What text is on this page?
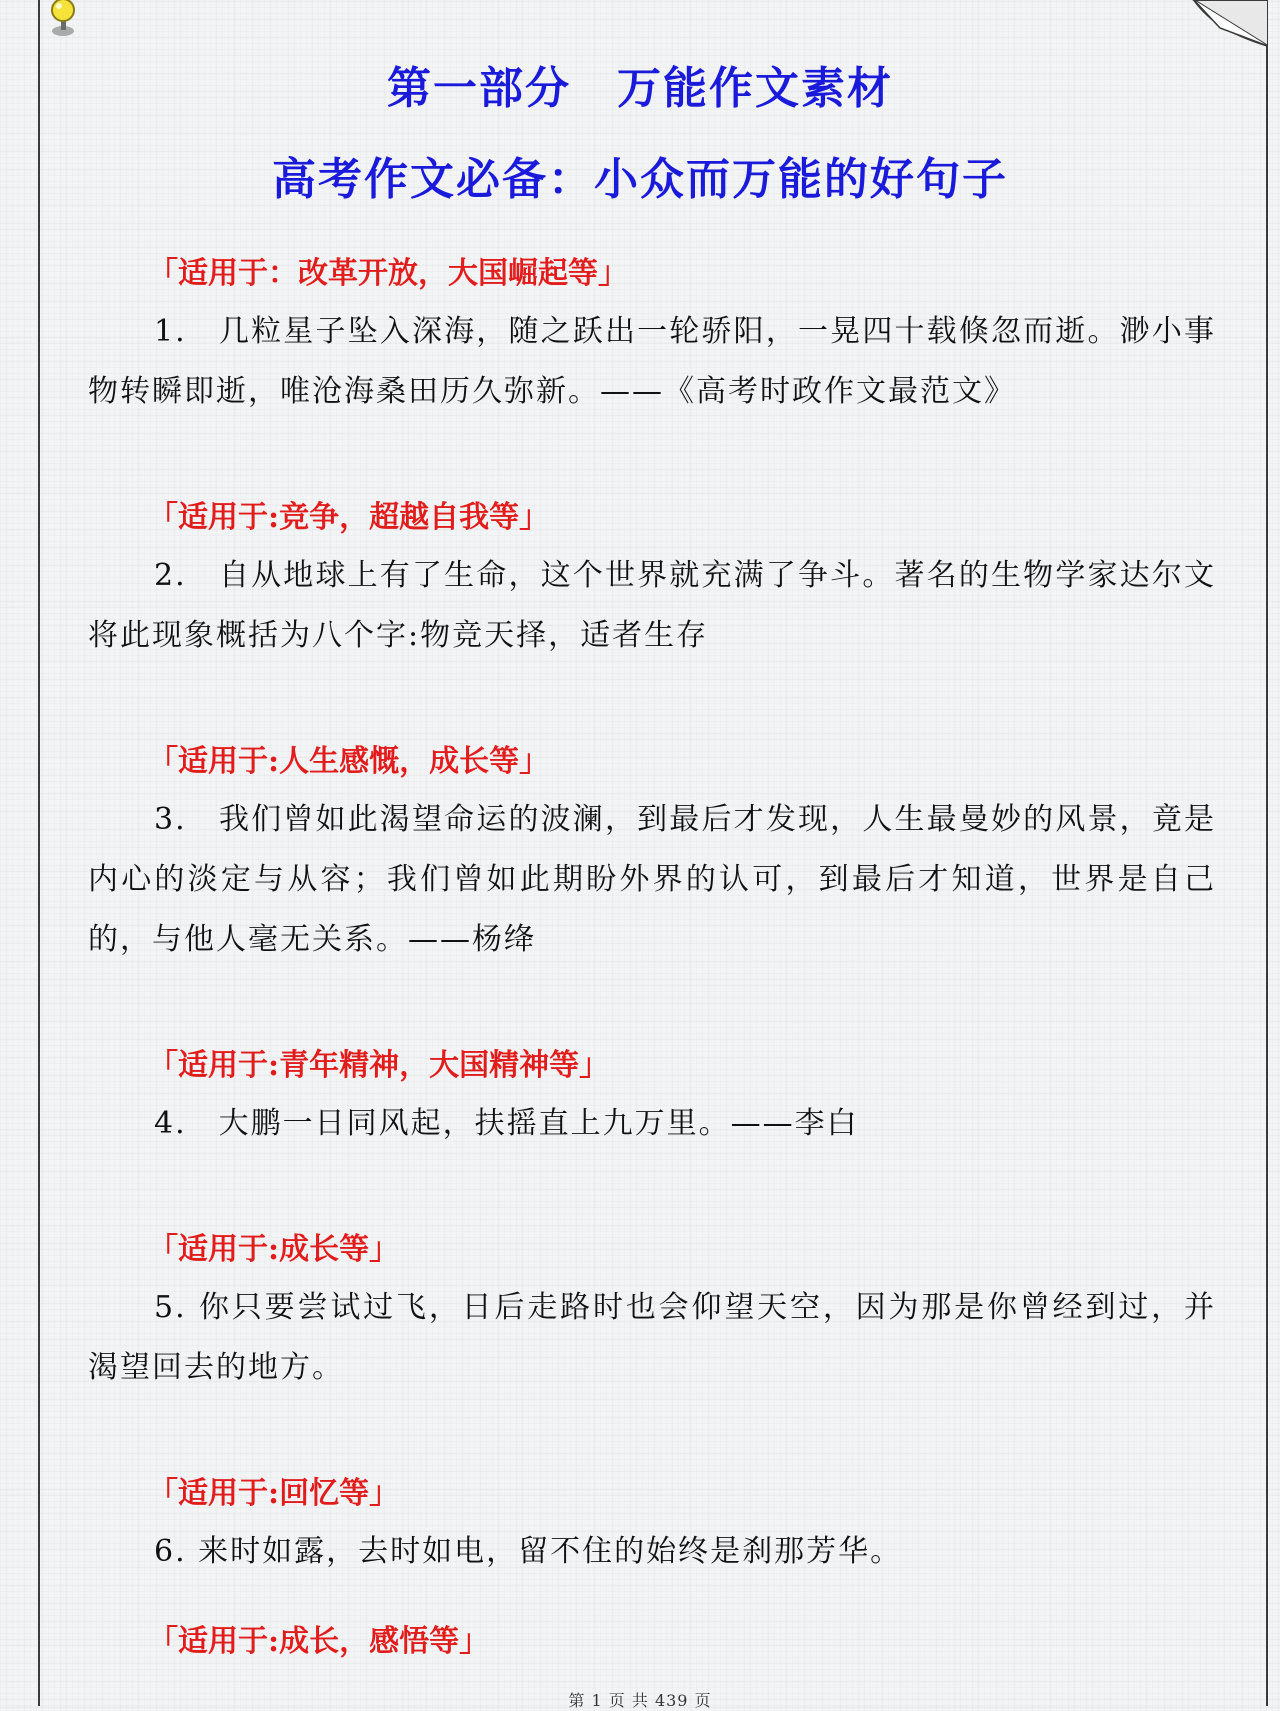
第一部分　万能作文素材
高考作文必备：小众而万能的好句子

「适用于：改革开放，大国崛起等」

1.　几粒星子坠入深海，随之跃出一轮骄阳，一晃四十载倏忽而逝。渺小事物转瞬即逝，唯沧海桑田历久弥新。——《高考时政作文最范文》

「适用于:竞争，超越自我等」

2.　自从地球上有了生命，这个世界就充满了争斗。著名的生物学家达尔文将此现象概括为八个字:物竞天择，适者生存

「适用于:人生感慨，成长等」

3.　我们曾如此渴望命运的波澜，到最后才发现，人生最曼妙的风景，竟是内心的淡定与从容；我们曾如此期盼外界的认可，到最后才知道，世界是自己的，与他人毫无关系。——杨绛

「适用于:青年精神，大国精神等」

4.　大鹏一日同风起，扶摇直上九万里。——李白

「适用于:成长等」

5. 你只要尝试过飞，日后走路时也会仰望天空，因为那是你曾经到过，并渴望回去的地方。

「适用于:回忆等」

6. 来时如露，去时如电，留不住的始终是刹那芳华。

「适用于:成长，感悟等」

第 1 页 共 439 页
